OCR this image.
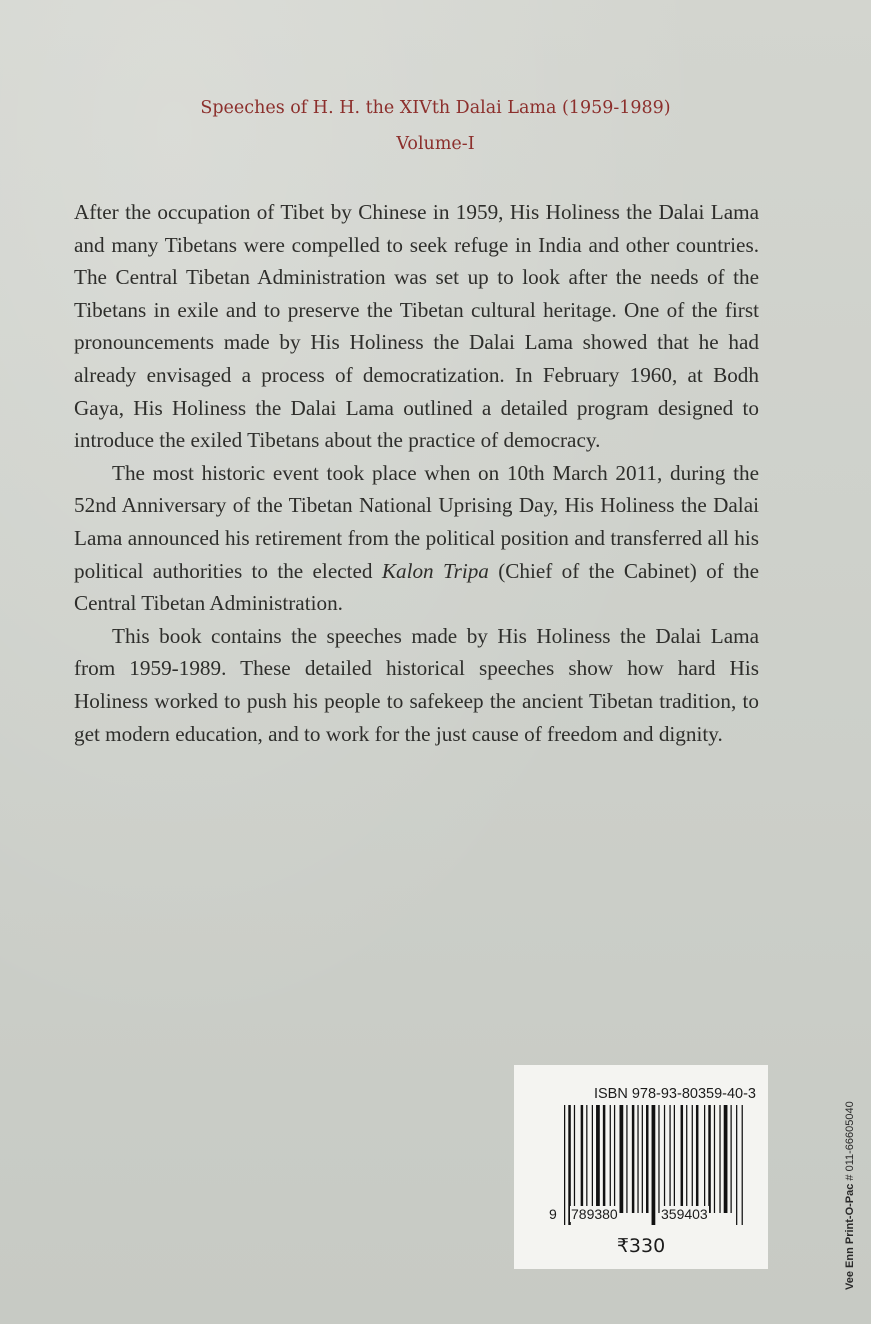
Speeches of H. H. the XIVth Dalai Lama (1959-1989)
Volume-I

After the occupation of Tibet by Chinese in 1959, His Holiness the Dalai Lama and many Tibetans were compelled to seek refuge in India and other countries. The Central Tibetan Administration was set up to look after the needs of the Tibetans in exile and to preserve the Tibetan cultural heritage. One of the first pronouncements made by His Holiness the Dalai Lama showed that he had already envisaged a process of democratization. In February 1960, at Bodh Gaya, His Holiness the Dalai Lama outlined a detailed program designed to introduce the exiled Tibetans about the practice of democracy.

The most historic event took place when on 10th March 2011, during the 52nd Anniversary of the Tibetan National Uprising Day, His Holiness the Dalai Lama announced his retirement from the political position and transferred all his political authorities to the elected Kalon Tripa (Chief of the Cabinet) of the Central Tibetan Administration.

This book contains the speeches made by His Holiness the Dalai Lama from 1959-1989. These detailed historical speeches show how hard His Holiness worked to push his people to safekeep the ancient Tibetan tradition, to get modern education, and to work for the just cause of freedom and dignity.

ISBN 978-93-80359-40-3
9 789380	359403
₹330	Vee Enn Print-O-Pac # 011-66605040
